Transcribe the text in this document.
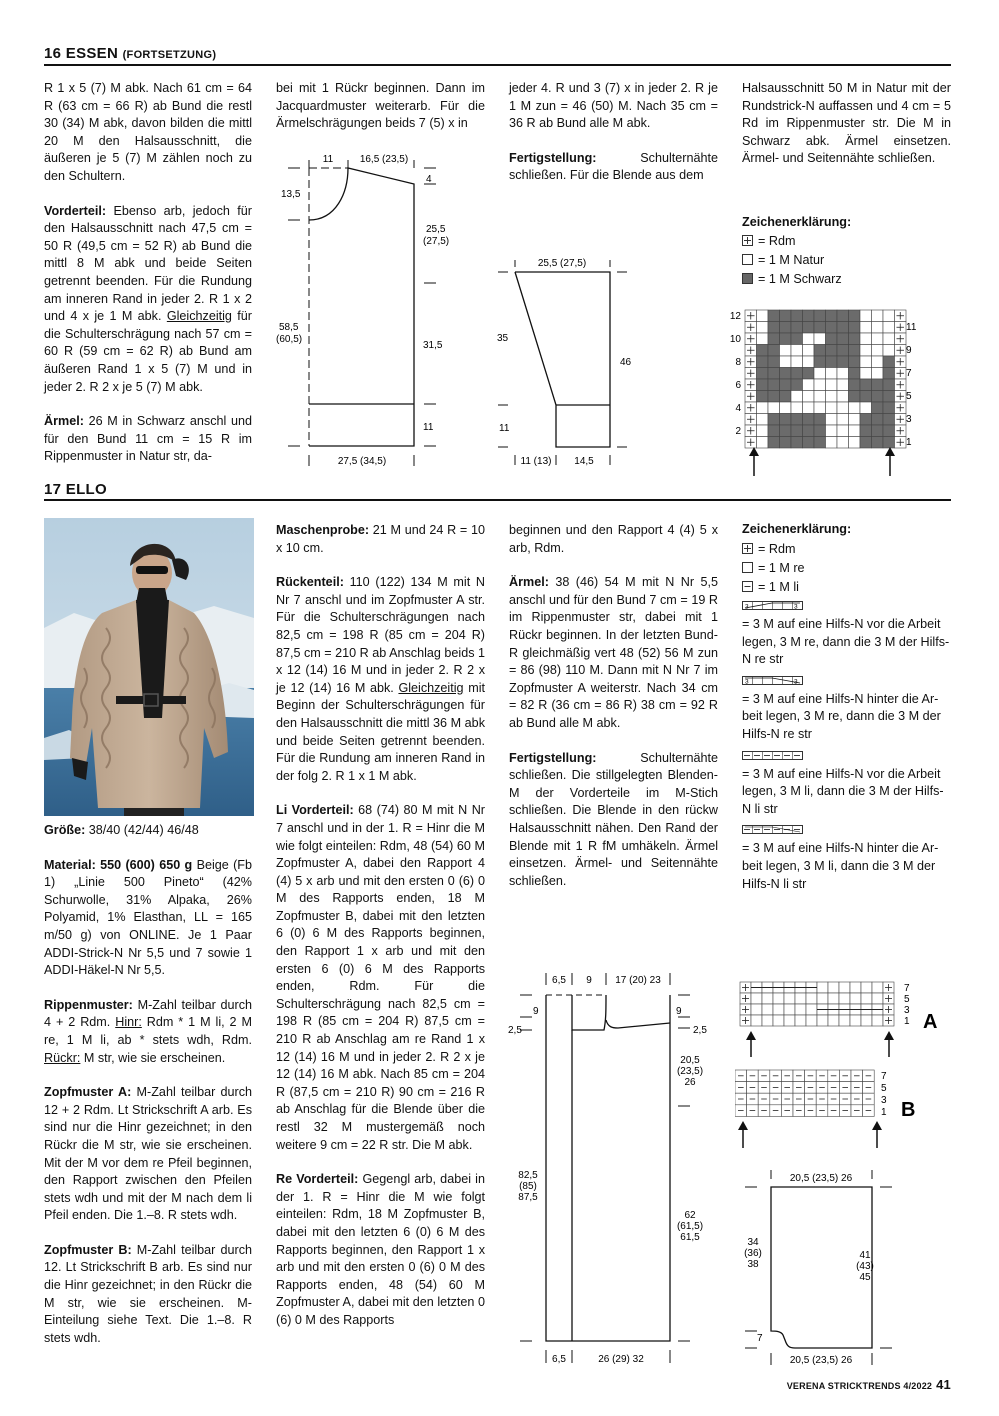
16 ESSEN (FORTSETZUNG)

R 1 x 5 (7) M abk. Nach 61 cm = 64 R (63 cm = 66 R) ab Bund die restl 30 (34) M abk, davon bilden die mittl 20 M den Halsausschnitt, die äußeren je 5 (7) M zählen noch zu den Schultern.

Vorderteil: Ebenso arb, jedoch für den Halsausschnitt nach 47,5 cm = 50 R (49,5 cm = 52 R) ab Bund die mittl 8 M abk und beide Seiten getrennt beenden. Für die Rundung am inneren Rand in jeder 2. R 1 x 2 und 4 x je 1 M abk. Gleichzeitig für die Schulterschrägung nach 57 cm = 60 R (59 cm = 62 R) ab Bund am äußeren Rand 1 x 5 (7) M und in jeder 2. R 2 x je 5 (7) M abk.

Ärmel: 26 M in Schwarz anschl und für den Bund 11 cm = 15 R im Rippenmuster in Natur str, da-

bei mit 1 Rückr beginnen. Dann im Jacquardmuster weiterarb. Für die Ärmelschrägungen beids 7 (5) x in

11	16,5 (23,5)
4
13,5
25,5
(27,5)
58,5
(60,5)
31,5
11
27,5 (34,5)

jeder 4. R und 3 (7) x in jeder 2. R je 1 M zun = 46 (50) M. Nach 35 cm = 36 R ab Bund alle M abk.

Fertigstellung: Schulternähte schließen. Für die Blende aus dem

25,5 (27,5)
35
46
11
11 (13) 14,5

Halsausschnitt 50 M in Natur mit der Rundstrick-N auffassen und 4 cm = 5 Rd im Rippenmuster str. Die M in Schwarz abk. Ärmel einsetzen. Ärmel- und Seitennähte schließen.

Zeichenerklärung:
= Rdm
= 1 M Natur
= 1 M Schwarz
12
10
8
6
4
2
11
9
7
5
3
1
17 ELLO

Größe: 38/40 (42/44) 46/48

Material: 550 (600) 650 g Beige (Fb 1) „Linie 500 Pineto“ (42% Schurwolle, 31% Alpaka, 26% Polyamid, 1% Elasthan, LL = 165 m/50 g) von ONLINE. Je 1 Paar ADDI-Strick-N Nr 5,5 und 7 sowie 1 ADDI-Häkel-N Nr 5,5.

Rippenmuster: M-Zahl teilbar durch 4 + 2 Rdm. Hinr: Rdm * 1 M li, 2 M re, 1 M li, ab * stets wdh, Rdm. Rückr: M str, wie sie erscheinen.

Zopfmuster A: M-Zahl teilbar durch 12 + 2 Rdm. Lt Strickschrift A arb. Es sind nur die Hinr gezeichnet; in den Rückr die M str, wie sie erscheinen. Mit der M vor dem re Pfeil beginnen, den Rapport zwischen den Pfeilen stets wdh und mit der M nach dem li Pfeil enden. Die 1.–8. R stets wdh.

Zopfmuster B: M-Zahl teilbar durch 12. Lt Strickschrift B arb. Es sind nur die Hinr gezeichnet; in den Rückr die M str, wie sie erscheinen. M-Einteilung siehe Text. Die 1.–8. R stets wdh.

Maschenprobe: 21 M und 24 R = 10 x 10 cm.

Rückenteil: 110 (122) 134 M mit N Nr 7 anschl und im Zopfmuster A str. Für die Schulterschrägungen nach 82,5 cm = 198 R (85 cm = 204 R) 87,5 cm = 210 R ab Anschlag beids 1 x 12 (14) 16 M und in jeder 2. R 2 x je 12 (14) 16 M abk. Gleichzeitig mit Beginn der Schulterschrägungen für den Halsausschnitt die mittl 36 M abk und beide Seiten getrennt beenden. Für die Rundung am inneren Rand in der folg 2. R 1 x 1 M abk.

Li Vorderteil: 68 (74) 80 M mit N Nr 7 anschl und in der 1. R = Hinr die M wie folgt einteilen: Rdm, 48 (54) 60 M Zopfmuster A, dabei den Rapport 4 (4) 5 x arb und mit den ersten 0 (6) 0 M des Rapports enden, 18 M Zopfmuster B, dabei mit den letzten 6 (0) 6 M des Rapports beginnen, den Rapport 1 x arb und mit den ersten 6 (0) 6 M des Rapports enden, Rdm. Für die Schulterschrägung nach 82,5 cm = 198 R (85 cm = 204 R) 87,5 cm = 210 R ab Anschlag am re Rand 1 x 12 (14) 16 M und in jeder 2. R 2 x je 12 (14) 16 M abk. Nach 85 cm = 204 R (87,5 cm = 210 R) 90 cm = 216 R ab Anschlag für die Blende über die restl 32 M mustergemäß noch weitere 9 cm = 22 R str. Die M abk.

Re Vorderteil: Gegengl arb, dabei in der 1. R = Hinr die M wie folgt einteilen: Rdm, 18 M Zopfmuster B, dabei mit den letzten 6 (0) 6 M des Rapports beginnen, den Rapport 1 x arb und mit den ersten 0 (6) 0 M des Rapports enden, 48 (54) 60 M Zopfmuster A, dabei mit den letzten 0 (6) 0 M des Rapports

beginnen und den Rapport 4 (4) 5 x arb, Rdm.

Ärmel: 38 (46) 54 M mit N Nr 5,5 anschl und für den Bund 7 cm = 19 R im Rippenmuster str, dabei mit 1 Rückr beginnen. In der letzten Bund-R gleichmäßig vert 48 (52) 56 M zun = 86 (98) 110 M. Dann mit N Nr 7 im Zopfmuster A weiterstr. Nach 34 cm = 82 R (36 cm = 86 R) 38 cm = 92 R ab Bund alle M abk.

Fertigstellung: Schulternähte schließen. Die stillgelegten Blenden-M der Vorderteile im M-Stich schließen. Die Blende in den rückw Halsausschnitt nähen. Den Rand der Blende mit 1 R fM umhäkeln. Ärmel einsetzen. Ärmel- und Seitennähte schließen.

Zeichenerklärung:
= Rdm
= 1 M re
= 1 M li
3	3
= 3 M auf eine Hilfs-N vor die Arbeit legen, 3 M re, dann die 3 M der Hilfs-N re str
3	3
= 3 M auf eine Hilfs-N hinter die Arbeit legen, 3 M re, dann die 3 M der Hilfs-N re str
= 3 M auf eine Hilfs-N vor die Arbeit legen, 3 M li, dann die 3 M der Hilfs-N li str
= 3 M auf eine Hilfs-N hinter die Arbeit legen, 3 M li, dann die 3 M der Hilfs-N li str
6,5 9 17 (20) 23
9
2,5
9
2,5
20,5
(23,5)
26
82,5
(85)
87,5
62
(61,5)
61,5
6,5	26 (29) 32
7
5
3
1 A
7
5
3
1 B
20,5 (23,5) 26
34
(36)
38
41
(43)
45
7
20,5 (23,5) 26
VERENA STRICKTRENDS 4/2022 41
